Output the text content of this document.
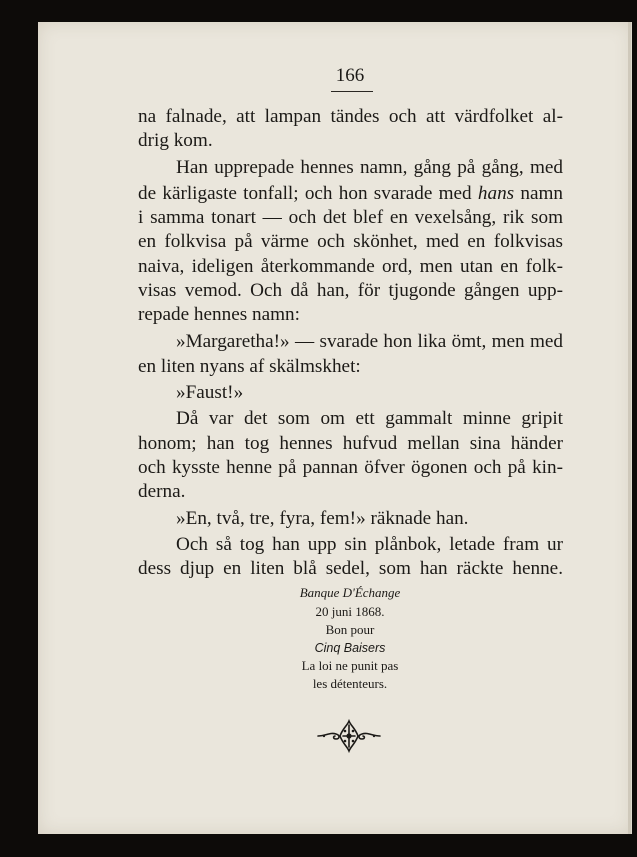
166
na falnade, att lampan tändes och att värdfolket al-
drig kom.
Han upprepade hennes namn, gång på gång, med
de kärligaste tonfall; och hon svarade med hans namn
i samma tonart — och det blef en vexelsång, rik som
en folkvisa på värme och skönhet, med en folkvisas
naiva, ideligen återkommande ord, men utan en folk-
visas vemod. Och då han, för tjugonde gången upp-
repade hennes namn:
»Margaretha!» — svarade hon lika ömt, men med
en liten nyans af skälmskhet:
»Faust!»
Då var det som om ett gammalt minne gripit
honom; han tog hennes hufvud mellan sina händer
och kysste henne på pannan öfver ögonen och på kin-
derna.
»En, två, tre, fyra, fem!» räknade han.
Och så tog han upp sin plånbok, letade fram ur
dess djup en liten blå sedel, som han räckte henne.
Banque D'Échange
20 juni 1868.
Bon pour
Cinq Baisers
La loi ne punit pas
les détenteurs.
